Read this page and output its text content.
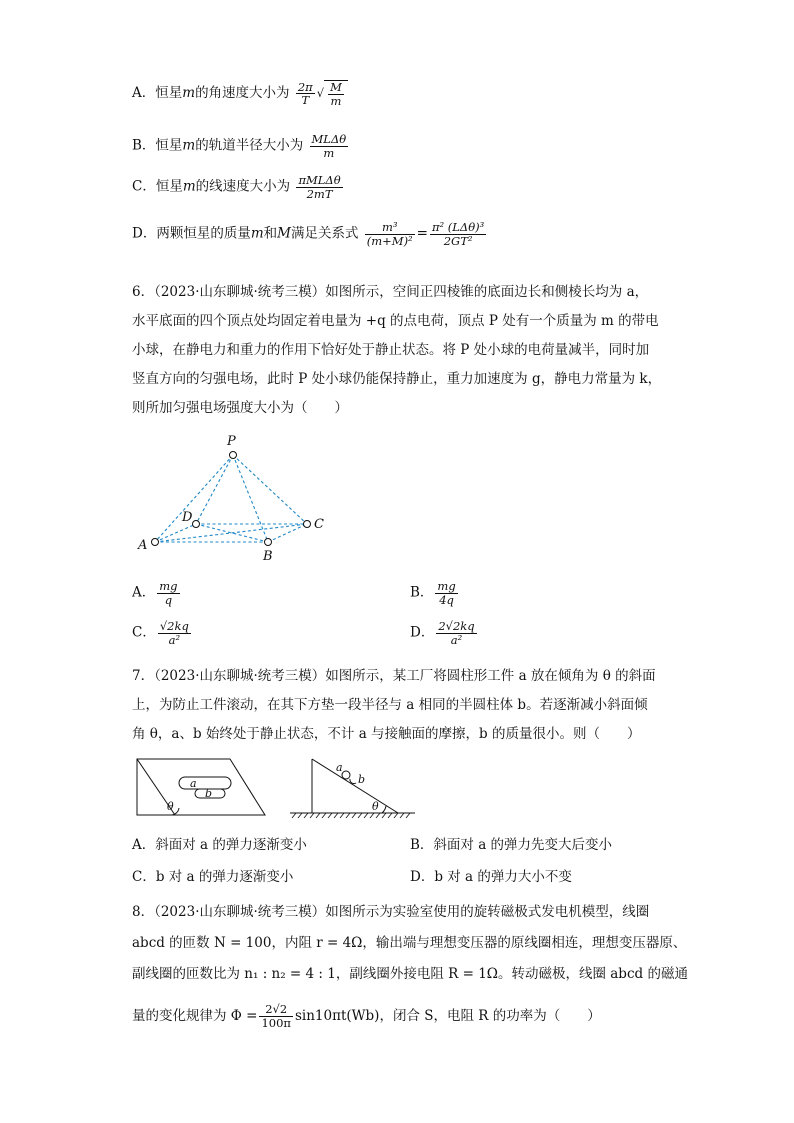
A．恒星m的角速度大小为 $\frac{2\pi}{T}$ √ $\frac{M}{m}$
B．恒星m的轨道半径大小为 $\frac{\text{MLΔθ}}{m}$
C．恒星m的线速度大小为 $\frac{\text{πMLΔθ}}{2mT}$
D．两颗恒星的质量m和M满足关系式 $\frac{\text{m³}}{\text{(m+M)²}} = \frac{\text{π² (LΔθ)³}}{\text{2GT²}}$
6．（2023·山东聊城·统考三模）如图所示，空间正四棱锥的底面边长和侧棱长均为 a，
水平底面的四个顶点处均固定着电量为 +q 的点电荷，顶点 P 处有一个质量为 m 的带电
小球，在静电力和重力的作用下恰好处于静止状态。将 P 处小球的电荷量减半，同时加
竖直方向的匀强电场，此时 P 处小球仍能保持静止，重力加速度为 g，静电力常量为 k，
则所加匀强电场强度大小为（　　）
P
A
B
C
D
A． $\frac{mg}{q}$	B． $\frac{mg}{4q}$
C． $\frac{√2kq}{\text{a²}}$	D． $\frac{2√2kq}{\text{a²}}$
7．（2023·山东聊城·统考三模）如图所示，某工厂将圆柱形工件 a 放在倾角为 θ 的斜面
上，为防止工件滚动，在其下方垫一段半径与 a 相同的半圆柱体 b。若逐渐减小斜面倾
角 θ，a、b 始终处于静止状态，不计 a 与接触面的摩擦，b 的质量很小。则（　　）
a
b
θ
a
b
θ
A．斜面对 a 的弹力逐渐变小	B．斜面对 a 的弹力先变大后变小
C．b 对 a 的弹力逐渐变小	D．b 对 a 的弹力大小不变
8．（2023·山东聊城·统考三模）如图所示为实验室使用的旋转磁极式发电机模型，线圈
abcd 的匝数 N = 100，内阻 r = 4Ω，输出端与理想变压器的原线圈相连，理想变压器原、
副线圈的匝数比为 n₁ : n₂ = 4 : 1，副线圈外接电阻 R = 1Ω。转动磁极，线圈 abcd 的磁通
量的变化规律为 $\Phi = \frac{2√2}{100\pi} \sin 10\pi t(Wb)$，闭合 S，电阻 R 的功率为（　　）
